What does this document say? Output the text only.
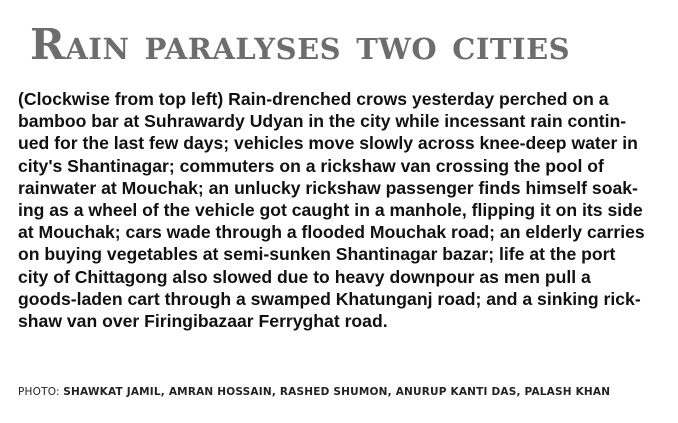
Rain paralyses two cities

(Clockwise from top left) Rain-drenched crows yesterday perched on a
bamboo bar at Suhrawardy Udyan in the city while incessant rain contin-
ued for the last few days; vehicles move slowly across knee-deep water in
city's Shantinagar; commuters on a rickshaw van crossing the pool of
rainwater at Mouchak; an unlucky rickshaw passenger finds himself soak-
ing as a wheel of the vehicle got caught in a manhole, flipping it on its side
at Mouchak; cars wade through a flooded Mouchak road; an elderly carries
on buying vegetables at semi-sunken Shantinagar bazar; life at the port
city of Chittagong also slowed due to heavy downpour as men pull a
goods-laden cart through a swamped Khatunganj road; and a sinking rick-
shaw van over Firingibazaar Ferryghat road.

PHOTO: SHAWKAT JAMIL, AMRAN HOSSAIN, RASHED SHUMON, ANURUP KANTI DAS, PALASH KHAN
